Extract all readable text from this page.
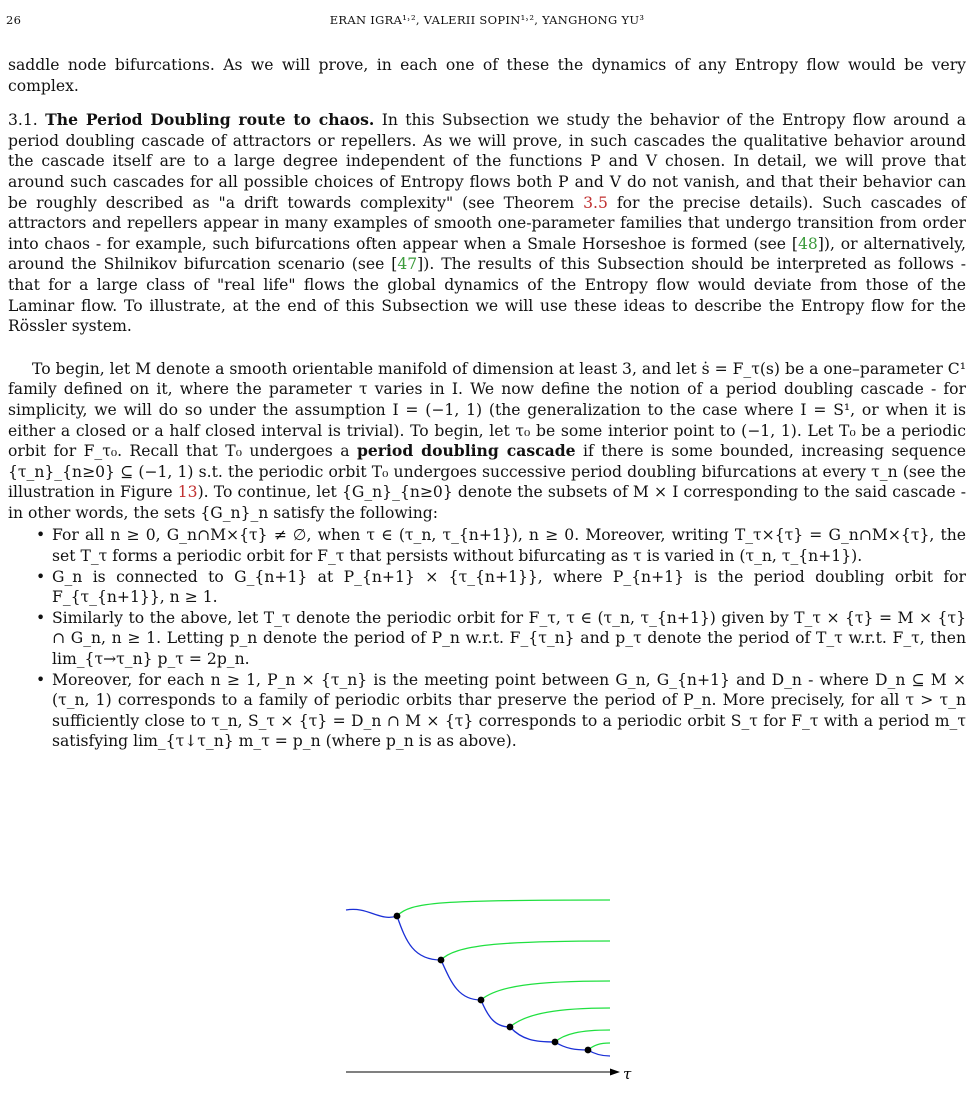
26	ERAN IGRA¹˒², VALERII SOPIN¹˒², YANGHONG YU³

saddle node bifurcations. As we will prove, in each one of these the dynamics of any Entropy flow would be very complex.

3.1. The Period Doubling route to chaos. In this Subsection we study the behavior of the Entropy flow around a period doubling cascade of attractors or repellers. As we will prove, in such cascades the qualitative behavior around the cascade itself are to a large degree independent of the functions P and V chosen. In detail, we will prove that around such cascades for all possible choices of Entropy flows both P and V do not vanish, and that their behavior can be roughly described as "a drift towards complexity" (see Theorem 3.5 for the precise details). Such cascades of attractors and repellers appear in many examples of smooth one-parameter families that undergo transition from order into chaos - for example, such bifurcations often appear when a Smale Horseshoe is formed (see [48]), or alternatively, around the Shilnikov bifurcation scenario (see [47]). The results of this Subsection should be interpreted as follows - that for a large class of "real life" flows the global dynamics of the Entropy flow would deviate from those of the Laminar flow. To illustrate, at the end of this Subsection we will use these ideas to describe the Entropy flow for the Rössler system.

To begin, let M denote a smooth orientable manifold of dimension at least 3, and let ṡ = F_τ(s) be a one–parameter C¹ family defined on it, where the parameter τ varies in I. We now define the notion of a period doubling cascade - for simplicity, we will do so under the assumption I = (−1, 1) (the generalization to the case where I = S¹, or when it is either a closed or a half closed interval is trivial). To begin, let τ₀ be some interior point to (−1, 1). Let T₀ be a periodic orbit for F_τ₀. Recall that T₀ undergoes a period doubling cascade if there is some bounded, increasing sequence {τ_n}_{n≥0} ⊆ (−1, 1) s.t. the periodic orbit T₀ undergoes successive period doubling bifurcations at every τ_n (see the illustration in Figure 13). To continue, let {G_n}_{n≥0} denote the subsets of M × I corresponding to the said cascade - in other words, the sets {G_n}_n satisfy the following:

• For all n ≥ 0, G_n∩M×{τ} ≠ ∅, when τ ∈ (τ_n, τ_{n+1}), n ≥ 0. Moreover, writing T_τ×{τ} = G_n∩M×{τ}, the set T_τ forms a periodic orbit for F_τ that persists without bifurcating as τ is varied in (τ_n, τ_{n+1}).
• G_n is connected to G_{n+1} at P_{n+1} × {τ_{n+1}}, where P_{n+1} is the period doubling orbit for F_{τ_{n+1}}, n ≥ 1.
• Similarly to the above, let T_τ denote the periodic orbit for F_τ, τ ∈ (τ_n, τ_{n+1}) given by T_τ × {τ} = M × {τ} ∩ G_n, n ≥ 1. Letting p_n denote the period of P_n w.r.t. F_{τ_n} and p_τ denote the period of T_τ w.r.t. F_τ, then lim_{τ→τ_n} p_τ = 2p_n.
• Moreover, for each n ≥ 1, P_n × {τ_n} is the meeting point between G_n, G_{n+1} and D_n - where D_n ⊆ M × (τ_n, 1) corresponds to a family of periodic orbits thar preserve the period of P_n. More precisely, for all τ > τ_n sufficiently close to τ_n, S_τ × {τ} = D_n ∩ M × {τ} corresponds to a periodic orbit S_τ for F_τ with a period m_τ satisfying lim_{τ↓τ_n} m_τ = p_n (where p_n is as above).
τ
